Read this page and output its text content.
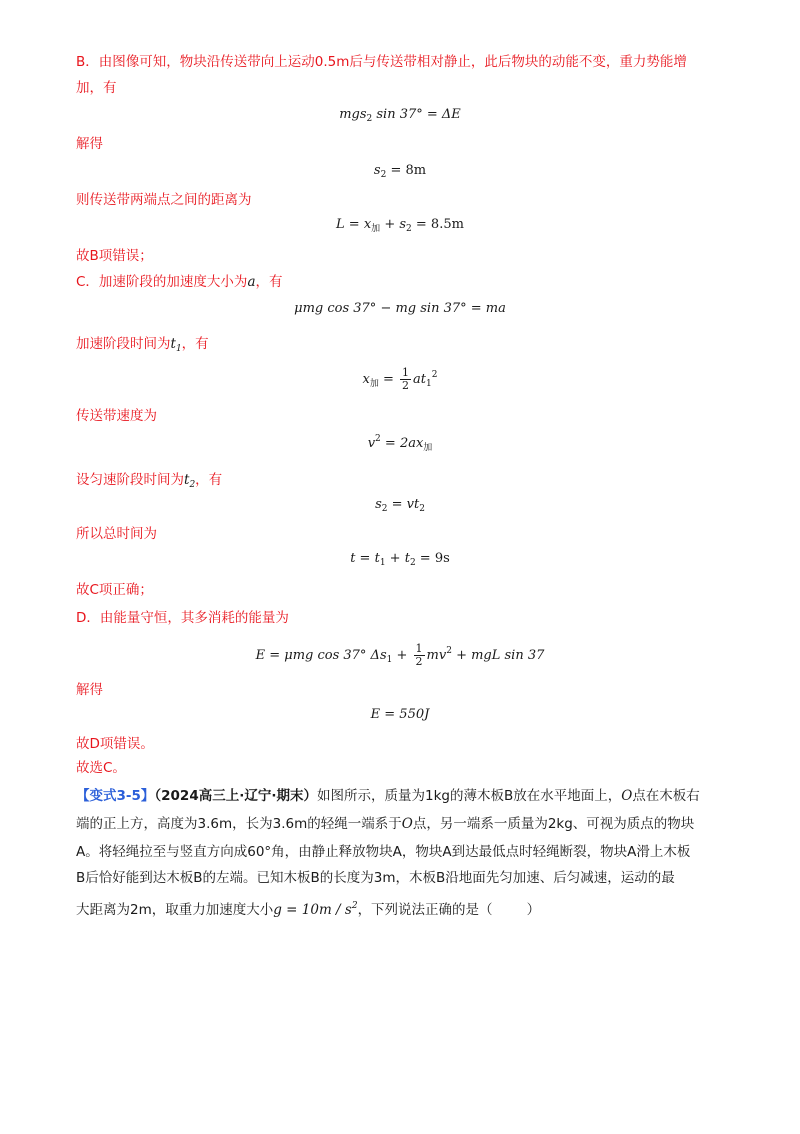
B．由图像可知，物块沿传送带向上运动0.5m后与传送带相对静止，此后物块的动能不变，重力势能增
加，有
mgs$_2$ sin 37° = ΔE
解得
$s_2 = 8m$
则传送带两端点之间的距离为
$L = x_加 + s_2 = 8.5m$
故B项错误；
C．加速阶段的加速度大小为a，有
μmg cos 37° − mg sin 37° = ma
加速阶段时间为$t_1$，有
$x_加 = \frac{1}{2} at_1^2$
传送带速度为
$v^2 = 2ax_加$
设匀速阶段时间为$t_2$，有
$s_2 = vt_2$
所以总时间为
$t = t_1 + t_2 = 9s$
故C项正确；
D．由能量守恒，其多消耗的能量为
E = μmg cos 37° $\Delta s_1 + \frac{1}{2} mv^2$ + mgL sin 37
解得
E = 550J
故D项错误。
故选C。
【变式3-5】（2024高三上·辽宁·期末）如图所示，质量为1kg的薄木板B放在水平地面上，O点在木板右
端的正上方，高度为3.6m，长为3.6m的轻绳一端系于O点，另一端系一质量为2kg、可视为质点的物块
A。将轻绳拉至与竖直方向成60°角，由静止释放物块A，物块A到达最低点时轻绳断裂，物块A滑上木板
B后恰好能到达木板B的左端。已知木板B的长度为3m，木板B沿地面先匀加速、后匀减速，运动的最
大距离为2m，取重力加速度大小$g = 10m / s^2$，下列说法正确的是（	）
